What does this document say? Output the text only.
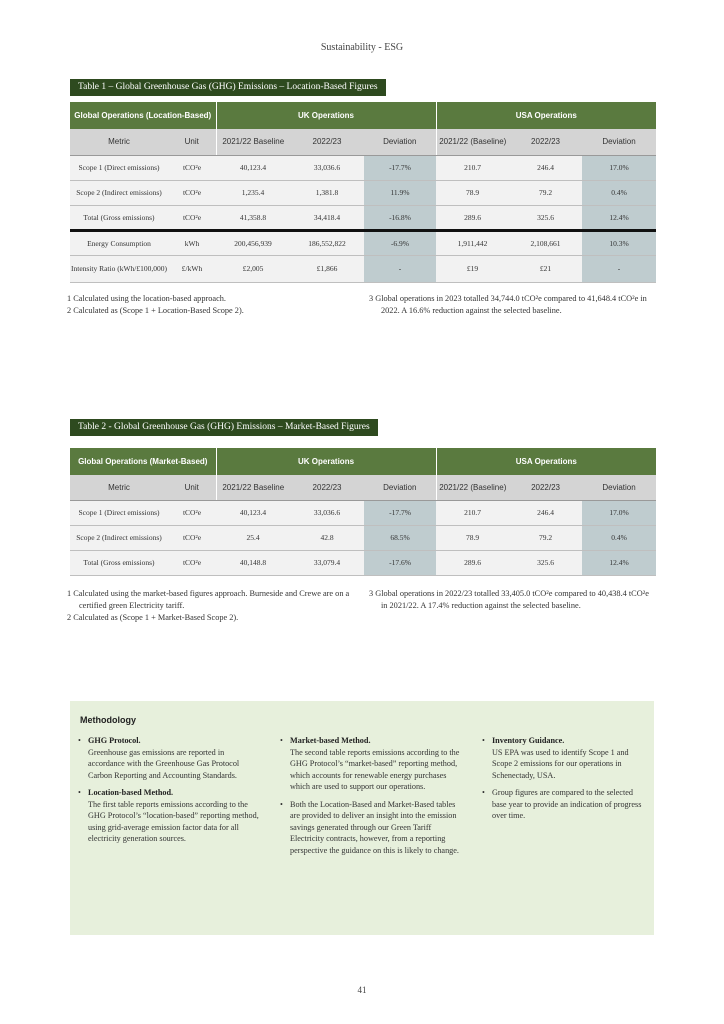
Sustainability - ESG
Table 1 – Global Greenhouse Gas (GHG) Emissions – Location-Based Figures
Global Operations (Location-Based)		UK Operations			USA Operations		
Metric	Unit	2021/22 Baseline	2022/23	Deviation	2021/22 (Baseline)	2022/23	Deviation
Scope 1 (Direct emissions)	tCO²e	40,123.4	33,036.6	-17.7%	210.7	246.4	17.0%
Scope 2 (Indirect emissions)	tCO²e	1,235.4	1,381.8	11.9%	78.9	79.2	0.4%
Total (Gross emissions)	tCO²e	41,358.8	34,418.4	-16.8%	289.6	325.6	12.4%
Energy Consumption	kWh	200,456,939	186,552,822	-6.9%	1,911,442	2,108,661	10.3%
Intensity Ratio (kWh/£100,000)	£/kWh	£2,005	£1,866	-	£19	£21	-
1 Calculated using the location-based approach.
2 Calculated as (Scope 1 + Location-Based Scope 2).
3 Global operations in 2023 totalled 34,744.0 tCO²e compared to 41,648.4 tCO²e in 2022. A 16.6% reduction against the selected baseline.
Table 2 - Global Greenhouse Gas (GHG) Emissions – Market-Based Figures
Global Operations (Market-Based)		UK Operations			USA Operations		
Metric	Unit	2021/22 Baseline	2022/23	Deviation	2021/22 (Baseline)	2022/23	Deviation
Scope 1 (Direct emissions)	tCO²e	40,123.4	33,036.6	-17.7%	210.7	246.4	17.0%
Scope 2 (Indirect emissions)	tCO²e	25.4	42.8	68.5%	78.9	79.2	0.4%
Total (Gross emissions)	tCO²e	40,148.8	33,079.4	-17.6%	289.6	325.6	12.4%
1 Calculated using the market-based figures approach. Burneside and Crewe are on a certified green Electricity tariff.
2 Calculated as (Scope 1 + Market-Based Scope 2).
3 Global operations in 2022/23 totalled 33,405.0 tCO²e compared to 40,438.4 tCO²e in 2021/22. A 17.4% reduction against the selected baseline.
Methodology
• GHG Protocol.
Greenhouse gas emissions are reported in accordance with the Greenhouse Gas Protocol Carbon Reporting and Accounting Standards.
• Location-based Method.
The first table reports emissions according to the GHG Protocol’s “location-based” reporting method, using grid-average emission factor data for all electricity generation sources.
• Market-based Method.
The second table reports emissions according to the GHG Protocol’s “market-based” reporting method, which accounts for renewable energy purchases which are used to support our operations.
• Both the Location-Based and Market-Based tables are provided to deliver an insight into the emission savings generated through our Green Tariff Electricity contracts, however, from a reporting perspective the guidance on this is likely to change.
• Inventory Guidance.
US EPA was used to identify Scope 1 and Scope 2 emissions for our operations in Schenectady, USA.
• Group figures are compared to the selected base year to provide an indication of progress over time.
41
